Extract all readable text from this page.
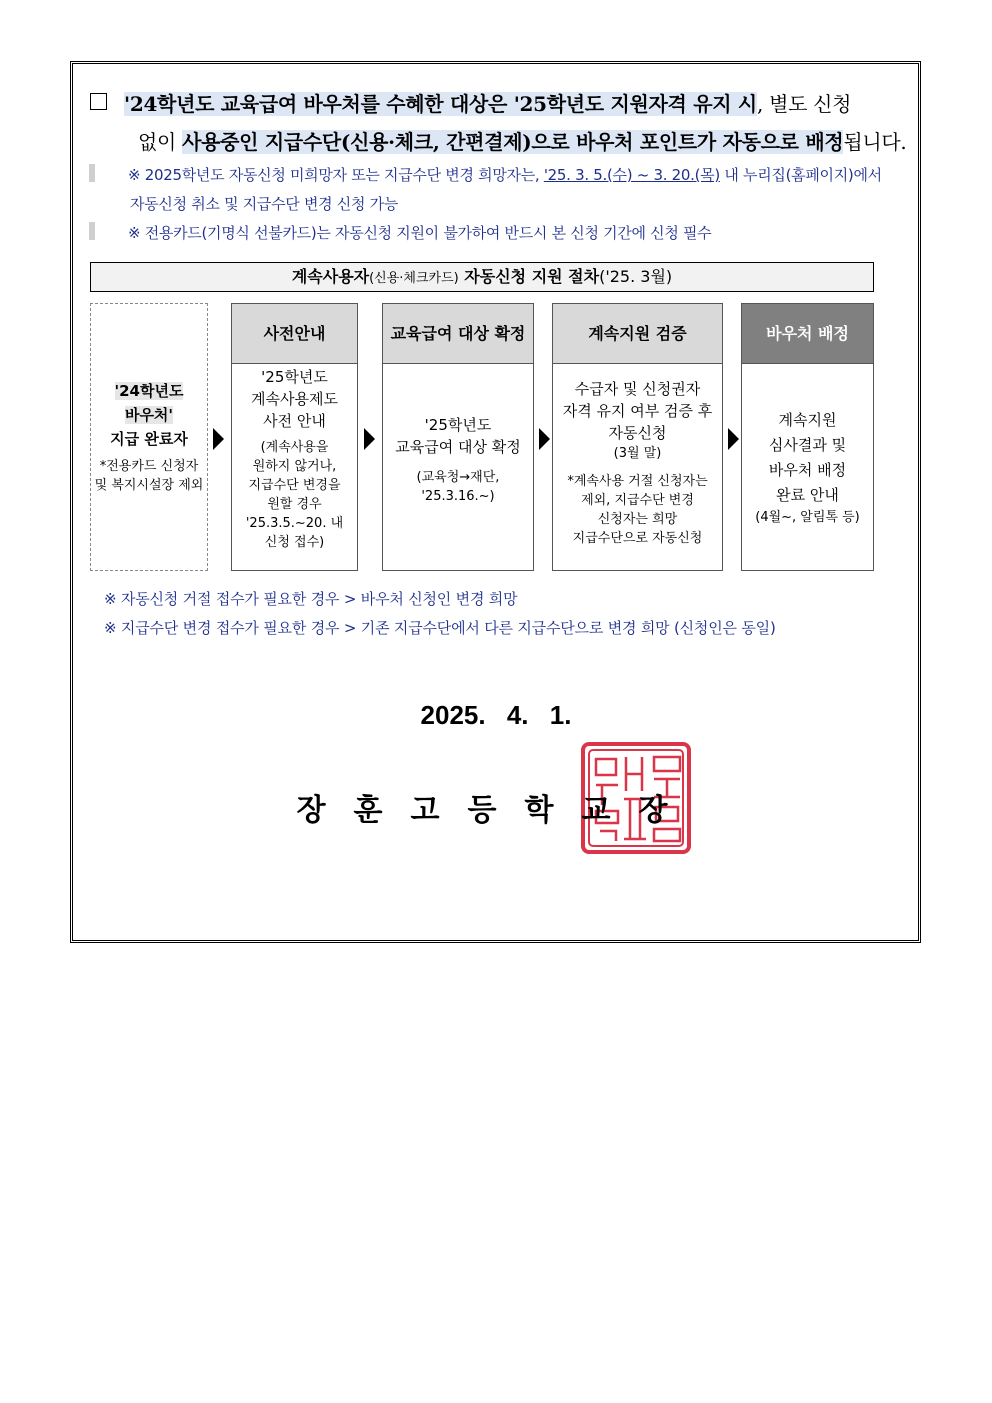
'24학년도 교육급여 바우처를 수혜한 대상은 '25학년도 지원자격 유지 시, 별도 신청
없이 사용중인 지급수단(신용·체크, 간편결제)으로 바우처 포인트가 자동으로 배정됩니다.
※ 2025학년도 자동신청 미희망자 또는 지급수단 변경 희망자는, '25. 3. 5.(수) ~ 3. 20.(목) 내 누리집(홈페이지)에서
자동신청 취소 및 지급수단 변경 신청 가능
※ 전용카드(기명식 선불카드)는 자동신청 지원이 불가하여 반드시 본 신청 기간에 신청 필수
계속사용자(신용·체크카드) 자동신청 지원 절차('25. 3월)
'24학년도
바우처'
지급 완료자
*전용카드 신청자
및 복지시설장 제외
사전안내
'25학년도
계속사용제도
사전 안내
(계속사용을
원하지 않거나,
지급수단 변경을
원할 경우
'25.3.5.~20. 내
신청 접수)
교육급여 대상 확정
'25학년도
교육급여 대상 확정
(교육청→재단,
'25.3.16.~)
계속지원 검증
수급자 및 신청권자
자격 유지 여부 검증 후
자동신청
(3월 말)
*계속사용 거절 신청자는
제외, 지급수단 변경
신청자는 희망
지급수단으로 자동신청
바우처 배정
계속지원
심사결과 및
바우처 배정
완료 안내
(4월~, 알림톡 등)
※ 자동신청 거절 접수가 필요한 경우 > 바우처 신청인 변경 희망
※ 지급수단 변경 접수가 필요한 경우 > 기존 지급수단에서 다른 지급수단으로 변경 희망 (신청인은 동일)
2025. 4. 1.
장훈고등학교장
